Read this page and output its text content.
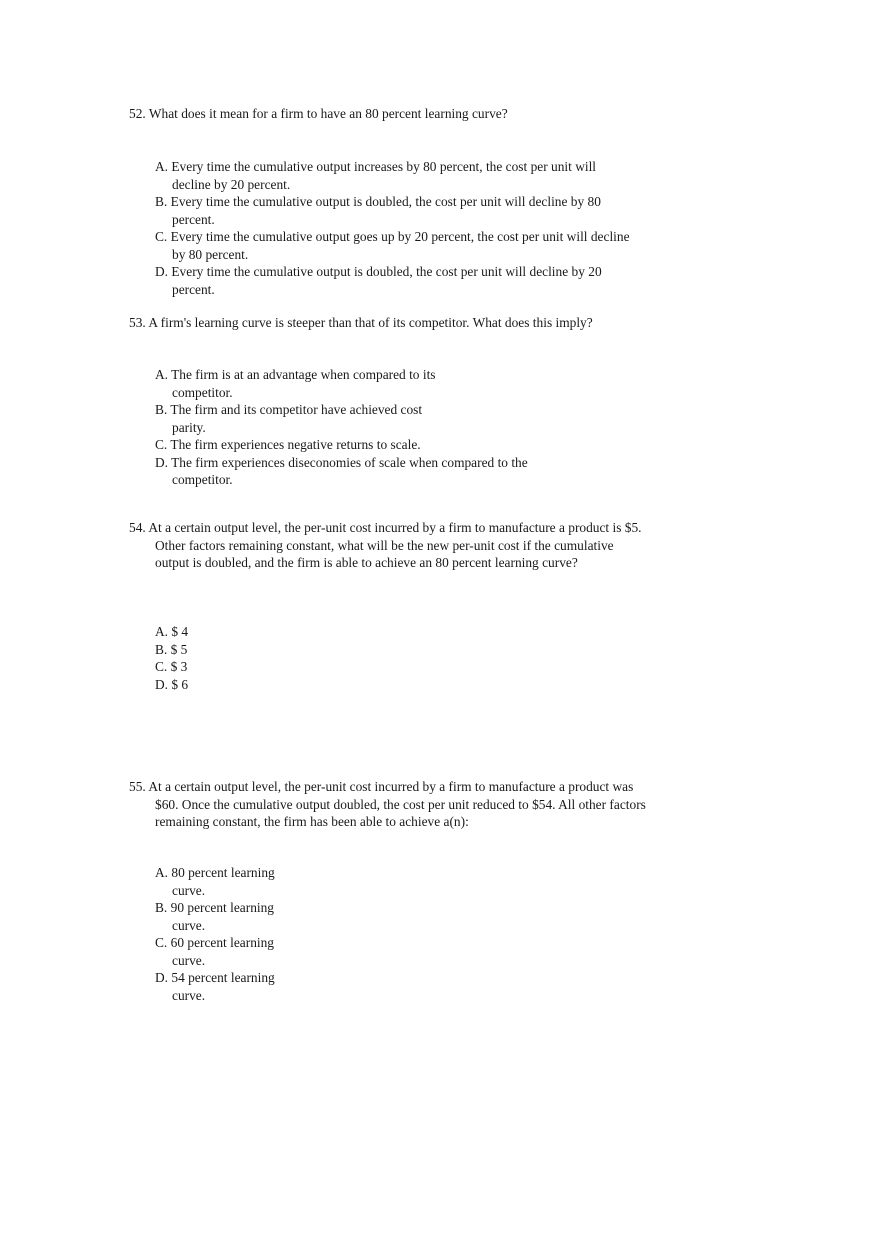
52. What does it mean for a firm to have an 80 percent learning curve?

A. Every time the cumulative output increases by 80 percent, the cost per unit will decline by 20 percent.
B. Every time the cumulative output is doubled, the cost per unit will decline by 80 percent.
C. Every time the cumulative output goes up by 20 percent, the cost per unit will decline by 80 percent.
D. Every time the cumulative output is doubled, the cost per unit will decline by 20 percent.

53. A firm's learning curve is steeper than that of its competitor. What does this imply?

A. The firm is at an advantage when compared to its competitor.
B. The firm and its competitor have achieved cost parity.
C. The firm experiences negative returns to scale.
D. The firm experiences diseconomies of scale when compared to the competitor.

54. At a certain output level, the per-unit cost incurred by a firm to manufacture a product is $5. Other factors remaining constant, what will be the new per-unit cost if the cumulative output is doubled, and the firm is able to achieve an 80 percent learning curve?

A. $ 4
B. $ 5
C. $ 3
D. $ 6

55. At a certain output level, the per-unit cost incurred by a firm to manufacture a product was $60. Once the cumulative output doubled, the cost per unit reduced to $54. All other factors remaining constant, the firm has been able to achieve a(n):

A. 80 percent learning curve.
B. 90 percent learning curve.
C. 60 percent learning curve.
D. 54 percent learning curve.
